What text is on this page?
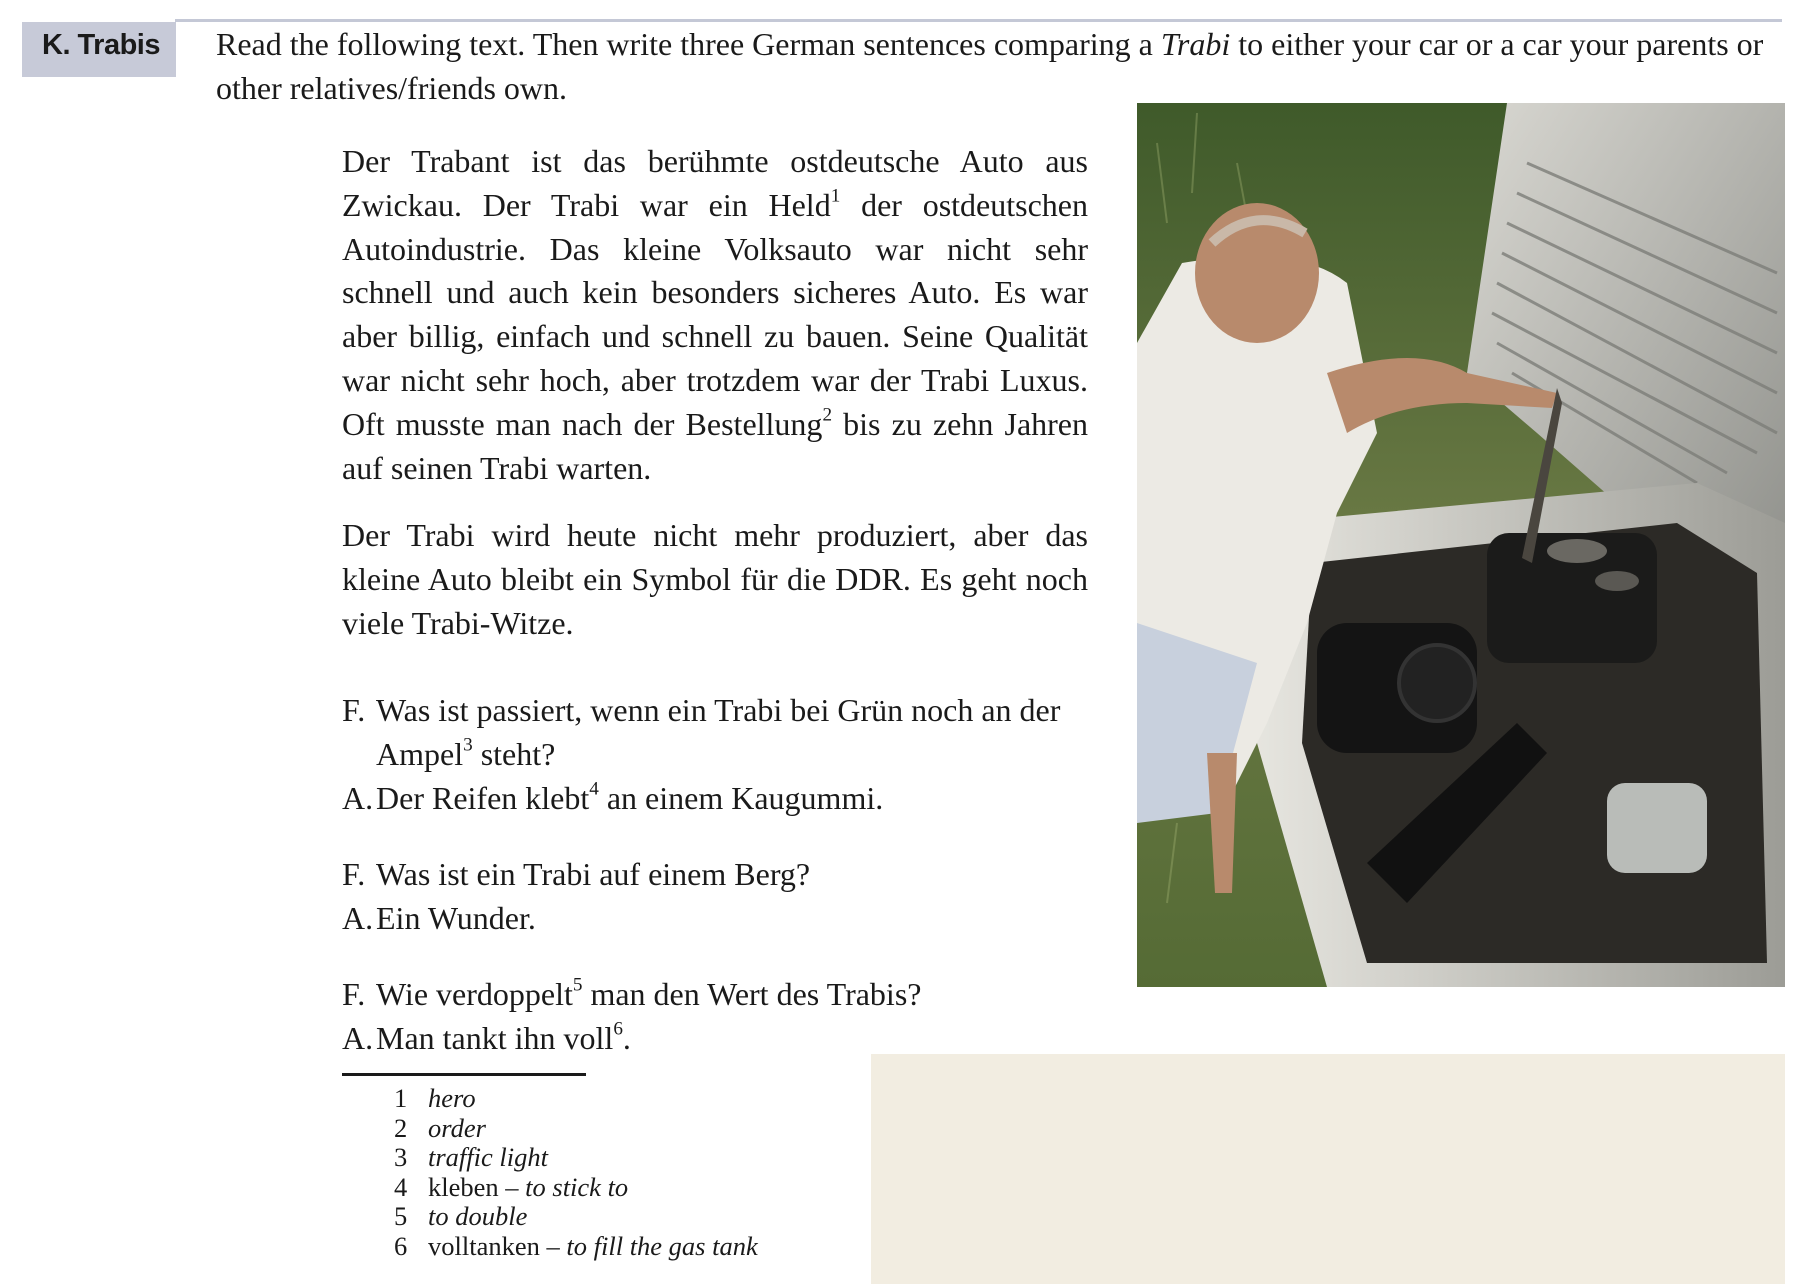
K. Trabis	Read the following text. Then write three German sentences comparing a Trabi to either your car or a car your parents or other relatives/friends own.

Der Trabant ist das berühmte ostdeutsche Auto aus Zwickau. Der Trabi war ein Held$^1$ der ostdeutschen Autoindustrie. Das kleine Volksauto war nicht sehr schnell und auch kein besonders sicheres Auto. Es war aber billig, einfach und schnell zu bauen. Seine Qualität war nicht sehr hoch, aber trotzdem war der Trabi Luxus. Oft musste man nach der Bestellung$^2$ bis zu zehn Jahren auf seinen Trabi warten.

Der Trabi wird heute nicht mehr produziert, aber das kleine Auto bleibt ein Symbol für die DDR. Es geht noch viele Trabi-Witze.

F. Was ist passiert, wenn ein Trabi bei Grün noch an der Ampel$^3$ steht?
A. Der Reifen klebt$^4$ an einem Kaugummi.
F. Was ist ein Trabi auf einem Berg?
A. Ein Wunder.
F. Wie verdoppelt$^5$ man den Wert des Trabis?
A. Man tankt ihn voll$^6$.
1 hero
2 order
3 traffic light
4 kleben –
to stick to
5 to double
6 volltanken –
to fill the gas tank
